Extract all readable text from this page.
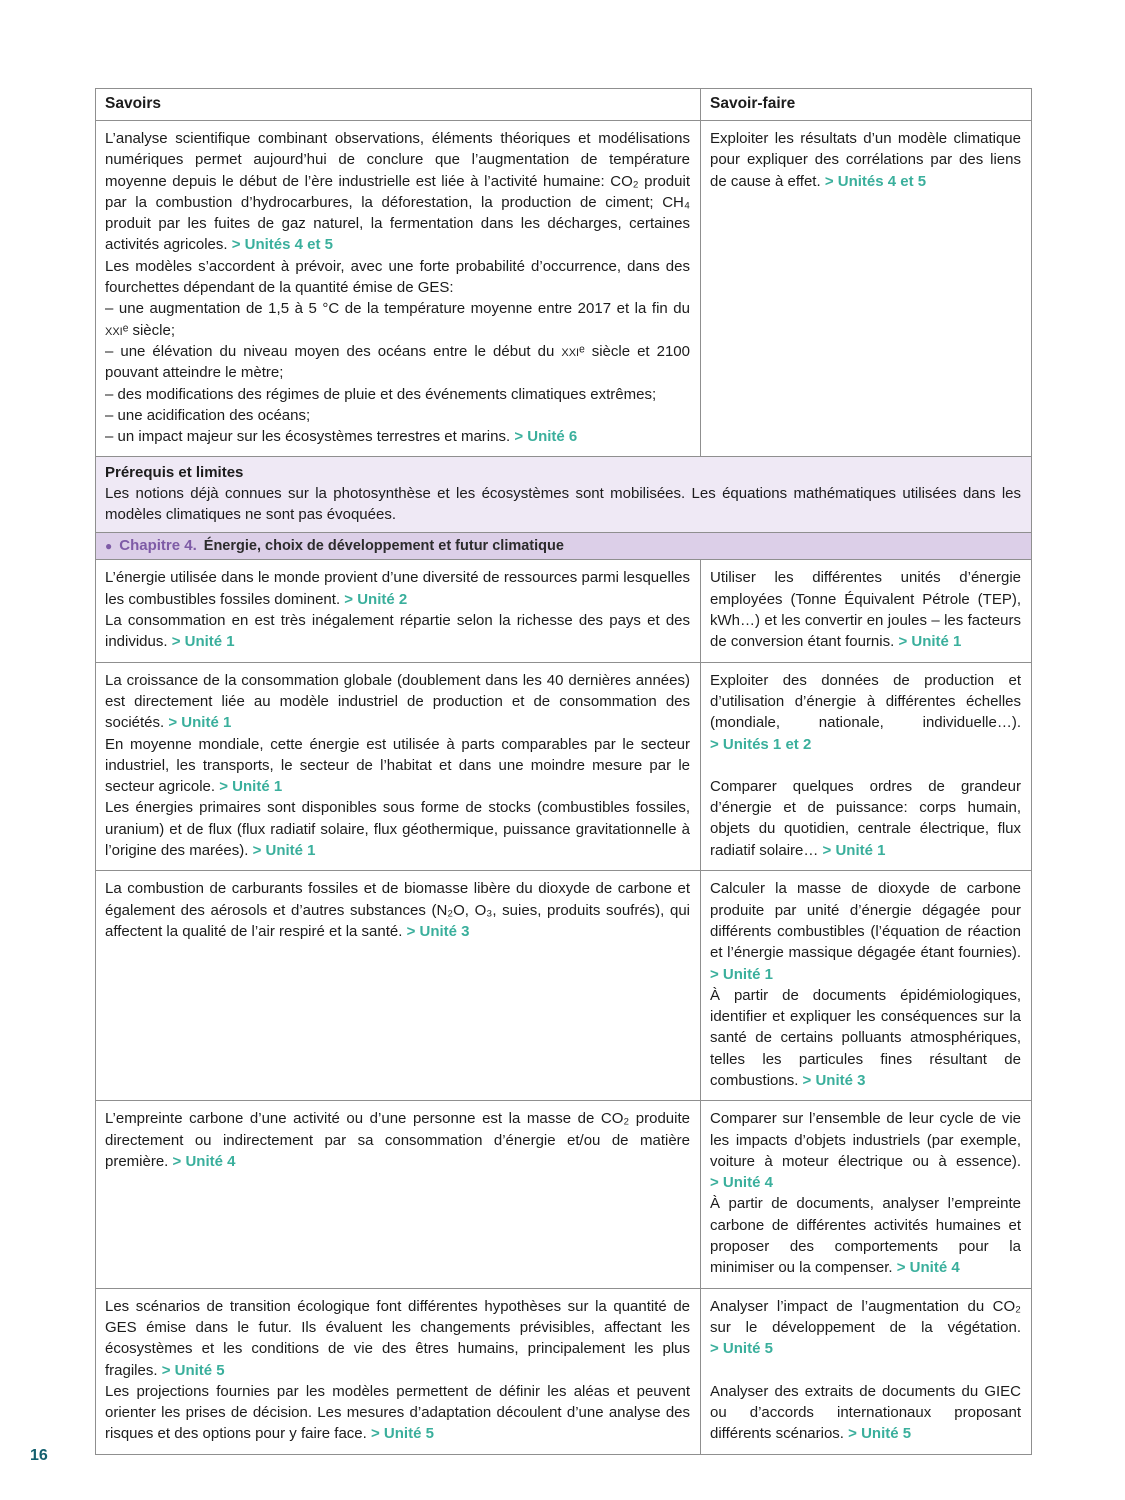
Savoirs	Savoir-faire

L’analyse scientifique combinant observations, éléments théoriques et modélisations numériques permet aujourd’hui de conclure que l’augmentation de température moyenne depuis le début de l’ère industrielle est liée à l’activité humaine: CO₂ produit par la combustion d’hydrocarbures, la déforestation, la production de ciment; CH₄ produit par les fuites de gaz naturel, la fermentation dans les décharges, certaines activités agricoles. > Unités 4 et 5

Les modèles s’accordent à prévoir, avec une forte probabilité d’occurrence, dans des fourchettes dépendant de la quantité émise de GES:

– une augmentation de 1,5 à 5 °C de la température moyenne entre 2017 et la fin du xxiᵉ siècle;

– une élévation du niveau moyen des océans entre le début du xxiᵉ siècle et 2100 pouvant atteindre le mètre;

– des modifications des régimes de pluie et des événements climatiques extrêmes;

– une acidification des océans;

– un impact majeur sur les écosystèmes terrestres et marins. > Unité 6

Exploiter les résultats d’un modèle climatique pour expliquer des corrélations par des liens de cause à effet. > Unités 4 et 5

Prérequis et limites
Les notions déjà connues sur la photosynthèse et les écosystèmes sont mobilisées. Les équations mathématiques utilisées dans les modèles climatiques ne sont pas évoquées.
● Chapitre 4. Énergie, choix de développement et futur climatique

L’énergie utilisée dans le monde provient d’une diversité de ressources parmi lesquelles les combustibles fossiles dominent. > Unité 2

La consommation en est très inégalement répartie selon la richesse des pays et des individus. > Unité 1

Utiliser les différentes unités d’énergie employées (Tonne Équivalent Pétrole (TEP), kWh…) et les convertir en joules – les facteurs de conversion étant fournis. > Unité 1

La croissance de la consommation globale (doublement dans les 40 dernières années) est directement liée au modèle industriel de production et de consommation des sociétés. > Unité 1

En moyenne mondiale, cette énergie est utilisée à parts comparables par le secteur industriel, les transports, le secteur de l’habitat et dans une moindre mesure par le secteur agricole. > Unité 1

Les énergies primaires sont disponibles sous forme de stocks (combustibles fossiles, uranium) et de flux (flux radiatif solaire, flux géothermique, puissance gravitationnelle à l’origine des marées). > Unité 1

Exploiter des données de production et d’utilisation d’énergie à différentes échelles (mondiale, nationale, individuelle…). > Unités 1 et 2

Comparer quelques ordres de grandeur d’énergie et de puissance: corps humain, objets du quotidien, centrale électrique, flux radiatif solaire… > Unité 1

La combustion de carburants fossiles et de biomasse libère du dioxyde de carbone et également des aérosols et d’autres substances (N₂O, O₃, suies, produits soufrés), qui affectent la qualité de l’air respiré et la santé. > Unité 3

Calculer la masse de dioxyde de carbone produite par unité d’énergie dégagée pour différents combustibles (l’équation de réaction et l’énergie massique dégagée étant fournies). > Unité 1

À partir de documents épidémiologiques, identifier et expliquer les conséquences sur la santé de certains polluants atmosphériques, telles les particules fines résultant de combustions. > Unité 3

L’empreinte carbone d’une activité ou d’une personne est la masse de CO₂ produite directement ou indirectement par sa consommation d’énergie et/ou de matière première. > Unité 4

Comparer sur l’ensemble de leur cycle de vie les impacts d’objets industriels (par exemple, voiture à moteur électrique ou à essence). > Unité 4

À partir de documents, analyser l’empreinte carbone de différentes activités humaines et proposer des comportements pour la minimiser ou la compenser. > Unité 4

Les scénarios de transition écologique font différentes hypothèses sur la quantité de GES émise dans le futur. Ils évaluent les changements prévisibles, affectant les écosystèmes et les conditions de vie des êtres humains, principalement les plus fragiles. > Unité 5

Les projections fournies par les modèles permettent de définir les aléas et peuvent orienter les prises de décision. Les mesures d’adaptation découlent d’une analyse des risques et des options pour y faire face. > Unité 5

Analyser l’impact de l’augmentation du CO₂ sur le développement de la végétation. > Unité 5

Analyser des extraits de documents du GIEC ou d’accords internationaux proposant différents scénarios. > Unité 5

16
